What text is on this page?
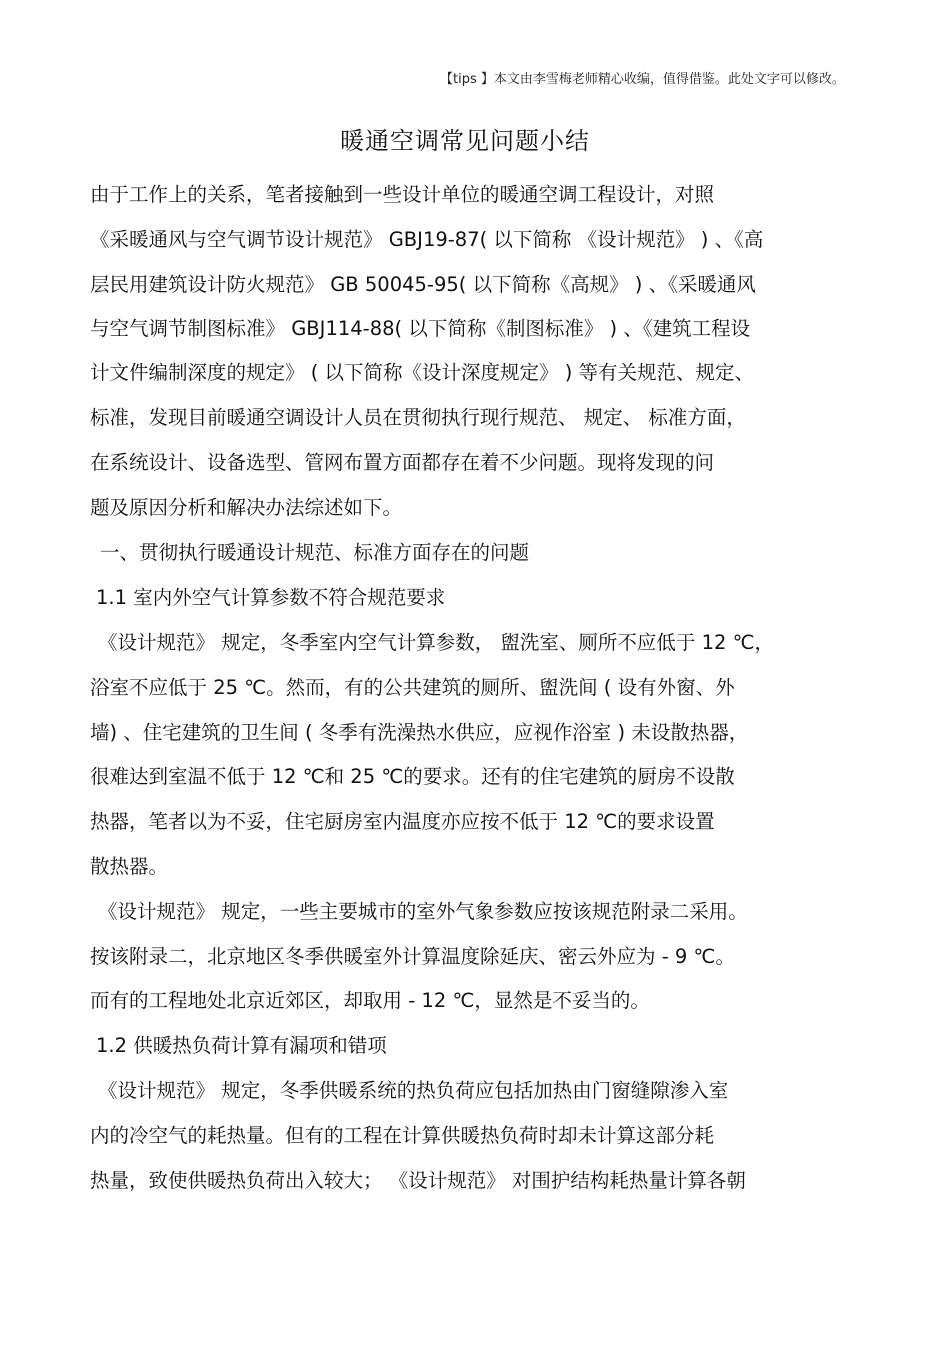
【tips 】本文由李雪梅老师精心收编，值得借鉴。此处文字可以修改。
暖通空调常见问题小结
由于工作上的关系，笔者接触到一些设计单位的暖通空调工程设计，对照
《采暖通风与空气调节设计规范》 GBJ19-87( 以下简称 《设计规范》 ) 、《高
层民用建筑设计防火规范》 GB 50045-95( 以下简称《高规》 ) 、《采暖通风
与空气调节制图标准》 GBJ114-88( 以下简称《制图标准》 ) 、《建筑工程设
计文件编制深度的规定》 ( 以下简称《设计深度规定》 ) 等有关规范、规定、
标准，发现目前暖通空调设计人员在贯彻执行现行规范、 规定、 标准方面，
在系统设计、设备选型、管网布置方面都存在着不少问题。现将发现的问
题及原因分析和解决办法综述如下。
一、贯彻执行暖通设计规范、标准方面存在的问题
1.1 室内外空气计算参数不符合规范要求
《设计规范》 规定，冬季室内空气计算参数， 盥洗室、厕所不应低于 12 ℃，
浴室不应低于 25 ℃。然而，有的公共建筑的厕所、盥洗间 ( 设有外窗、外
墙) 、住宅建筑的卫生间 ( 冬季有洗澡热水供应，应视作浴室 ) 未设散热器，
很难达到室温不低于 12 ℃和 25 ℃的要求。还有的住宅建筑的厨房不设散
热器，笔者以为不妥，住宅厨房室内温度亦应按不低于 12 ℃的要求设置
散热器。
《设计规范》 规定，一些主要城市的室外气象参数应按该规范附录二采用。
按该附录二，北京地区冬季供暖室外计算温度除延庆、密云外应为 - 9 ℃。
而有的工程地处北京近郊区，却取用 - 12 ℃，显然是不妥当的。
1.2 供暖热负荷计算有漏项和错项
《设计规范》 规定，冬季供暖系统的热负荷应包括加热由门窗缝隙渗入室
内的冷空气的耗热量。但有的工程在计算供暖热负荷时却未计算这部分耗
热量，致使供暖热负荷出入较大； 《设计规范》 对围护结构耗热量计算各朝
